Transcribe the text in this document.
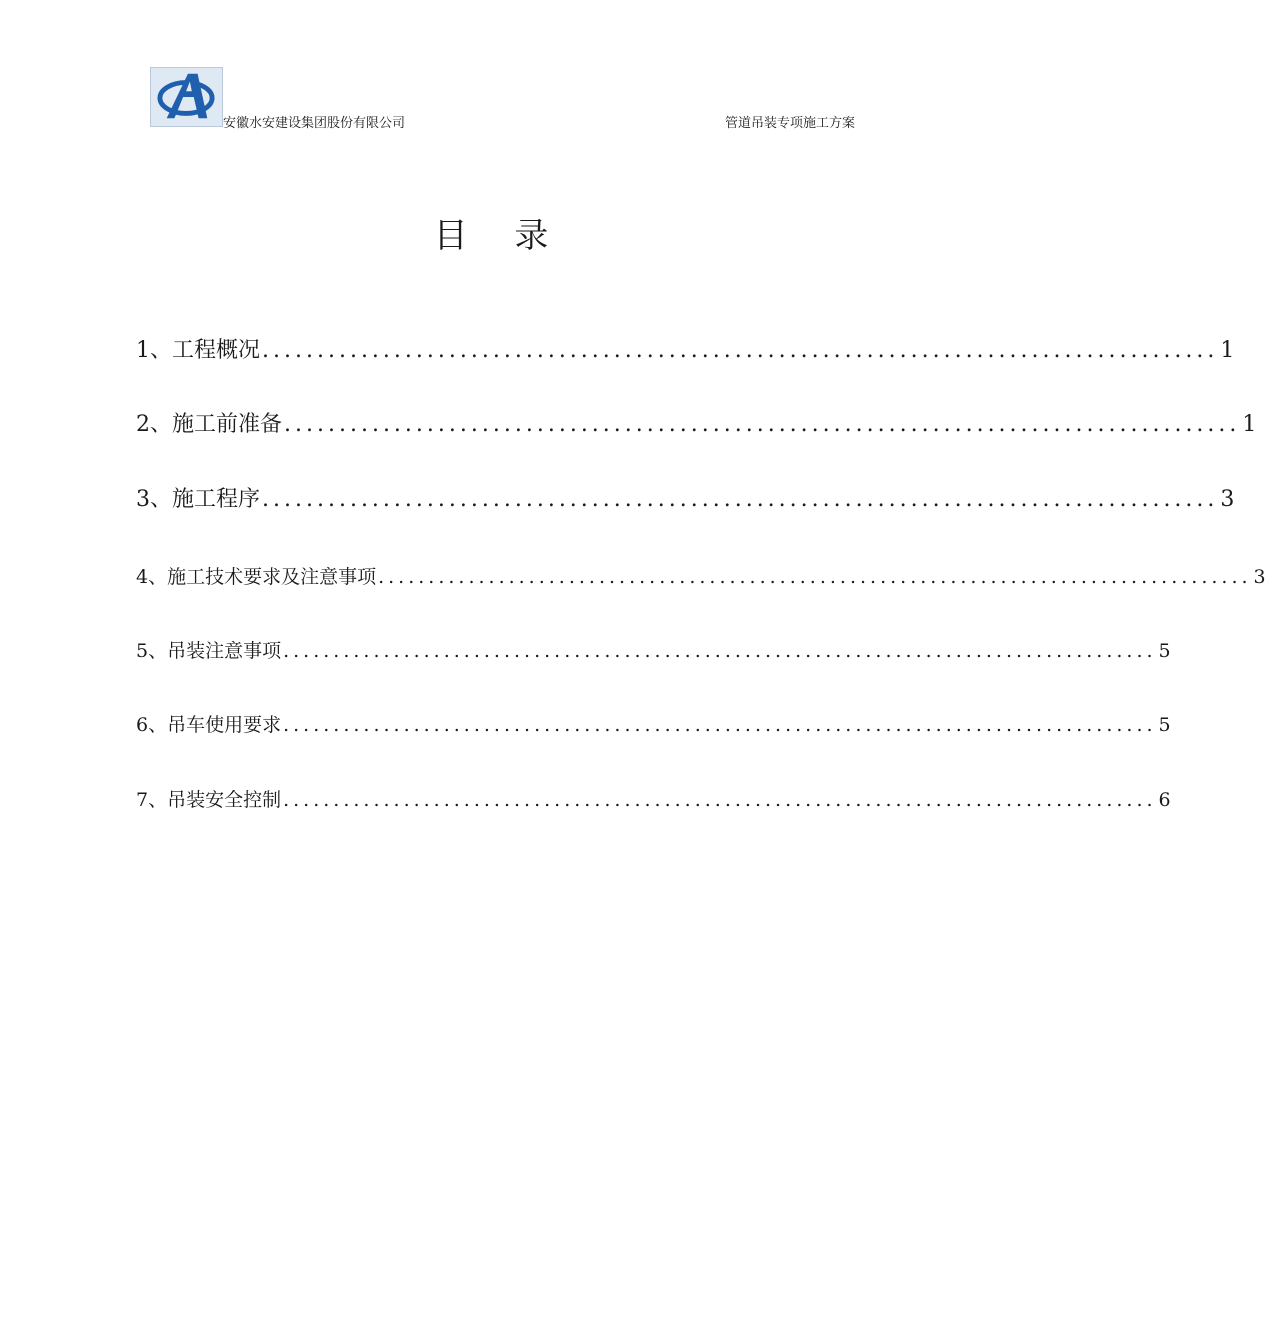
安徽水安建设集团股份有限公司	管道吊装专项施工方案
目 录
1、工程概况 ....................................................................................... 1
2、施工前准备 ....................................................................................... 1
3、施工程序 ....................................................................................... 3
4、施工技术要求及注意事项 ....................................................................................... 3
5、吊装注意事项 ....................................................................................... 5
6、吊车使用要求 ....................................................................................... 5
7、吊装安全控制 ....................................................................................... 6
